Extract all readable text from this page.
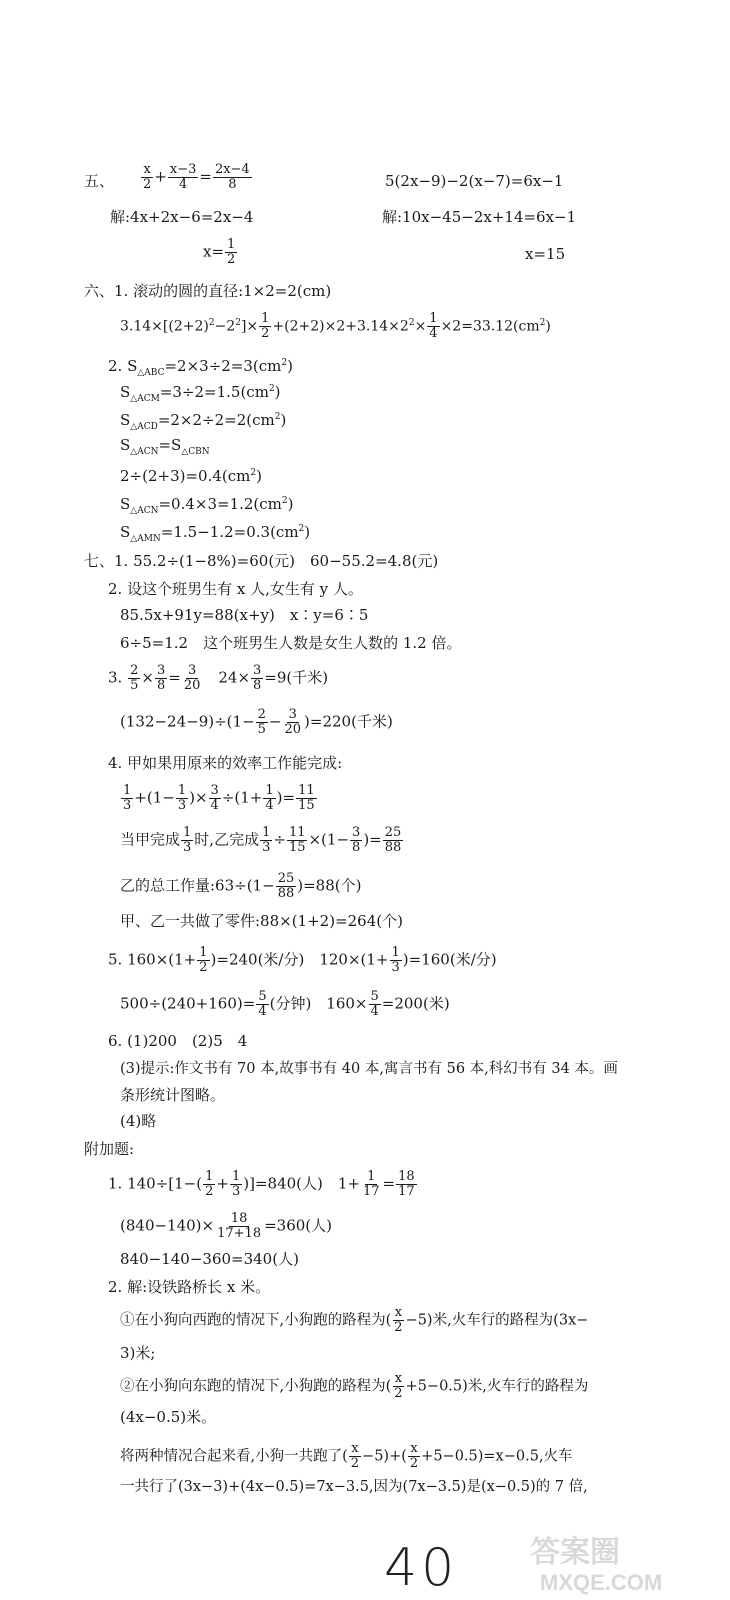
五、 $\frac{x}{2} + \frac{x-3}{4} = \frac{2x-4}{8}$	5(2x−9)−2(x−7)=6x−1
解:4x+2x−6=2x−4	解:10x−45−2x+14=6x−1
$x= \frac{1}{2}$	x=15
六、1. 滚动的圆的直径:1×2=2(cm)
$3.14\times[(2+2)^2-2^2]\times \frac{1}{2} +(2+2)\times 2+3.14\times 2^2\times \frac{1}{4} \times 2=33.12(cm^2)$
2. $S_{\triangle ABC}=2\times 3\div 2=3(cm^2)$
$S_{\triangle ACM}=3\div 2=1.5(cm^2)$
$S_{\triangle ACD}=2\times 2\div 2=2(cm^2)$
$S_{\triangle ACN}=S_{\triangle CBN}$
$2\div(2+3)=0.4(cm^2)$
$S_{\triangle ACN}=0.4\times 3=1.2(cm^2)$
$S_{\triangle AMN}=1.5-1.2=0.3(cm^2)$
七、1. 55.2÷(1−8%)=60(元)　60−55.2=4.8(元)
2. 设这个班男生有 x 人,女生有 y 人。
85.5x+91y=88(x+y)　x∶y=6∶5
6÷5=1.2　这个班男生人数是女生人数的 1.2 倍。
3. $\frac{2}{5} \times \frac{3}{8} = \frac{3}{20}$ 　$24\times \frac{3}{8} =9$(千米)
$(132-24-9)\div(1- \frac{2}{5} - \frac{3}{20} )=220$(千米)
4. 甲如果用原来的效率工作能完成:
$\frac{1}{3} +(1- \frac{1}{3}$ )× $\frac{3}{4} \div(1+ \frac{1}{4}$ )= $\frac{11}{15}$
当甲完成 $\frac{1}{3}$ 时,乙完成 $\frac{1}{3} \div \frac{11}{15} \times(1- \frac{3}{8}$ )= $\frac{25}{88}$
乙的总工作量:63÷(1− $\frac{25}{88} )=88$(个)
甲、乙一共做了零件:88×(1+2)=264(个)
5. $160\times(1+ \frac{1}{2} )=240$(米/分)　$120\times(1+ \frac{1}{3} )=160$(米/分)
$500\div(240+160)= \frac{5}{4}$ (分钟)　$160\times \frac{5}{4} =200$(米)
6. (1)200　(2)5　4
(3)提示:作文书有 70 本,故事书有 40 本,寓言书有 56 本,科幻书有 34 本。画
条形统计图略。
(4)略
附加题:
1. $140\div[1-( \frac{1}{2} + \frac{1}{3} )]=840$(人)　$1+ \frac{1}{17} = \frac{18}{17}$
$(840-140)\times \frac{18}{17+18} =360$(人)
840−140−360=340(人)
2. 解:设铁路桥长 x 米。
①在小狗向西跑的情况下,小狗跑的路程为( $\frac{x}{2} -5$)米,火车行的路程为(3x−
3)米;
②在小狗向东跑的情况下,小狗跑的路程为( $\frac{x}{2} +5-0.5$)米,火车行的路程为
(4x−0.5)米。
将两种情况合起来看,小狗一共跑了( $\frac{x}{2} -5)+( \frac{x}{2} +5-0.5)=x-0.5$,火车
一共行了(3x−3)+(4x−0.5)=7x−3.5,因为(7x−3.5)是(x−0.5)的 7 倍,
40 答案圈
MXQE.COM
